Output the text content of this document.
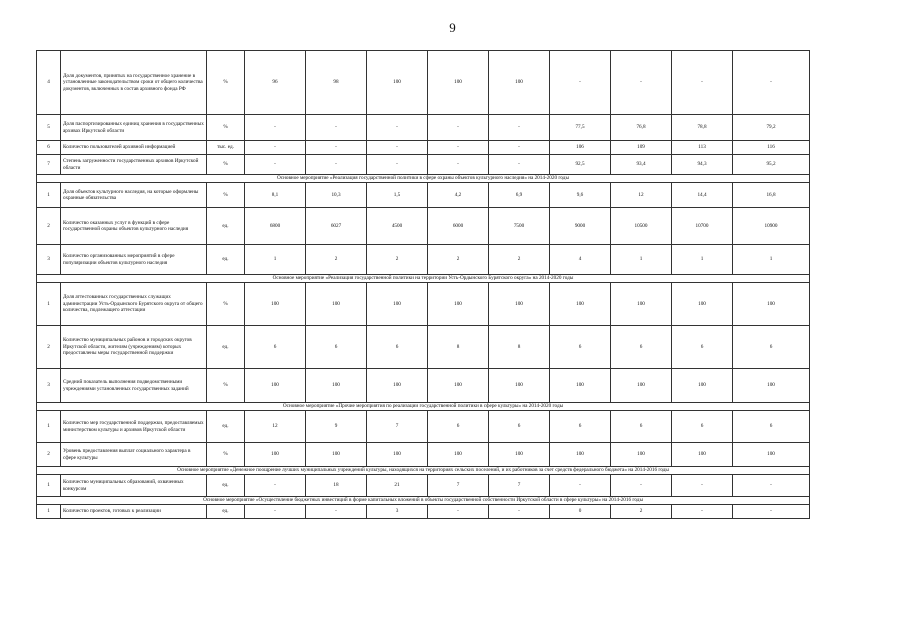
9
4	Доля документов, принятых на государственное хранение в установленные законодательством сроки от общего количества документов, включенных в состав архивного фонда РФ	%	96	98	100	100	100	-	-	-	-
5	Доля паспортизированных единиц хранения в государственных архивах Иркутской области	%	-	-	-	-	-	77,5	76,8	78,8	79,2
6	Количество пользователей архивной информацией	тыс. ед.	-	-	-	-	-	106	109	113	116
7	Степень загруженности государственных архивов Иркутской области	%	-	-	-	-	-	92,5	93,4	94,3	95,2
Основное мероприятие «Реализация государственной политики в сфере охраны объектов культурного наследия» на 2014-2020 годы											
1	Доля объектов культурного наследия, на которые оформлены охранные обязательства	%	8,1	10,3	1,5	4,2	6,9	9,6	12	14,4	16,8
2	Количество оказанных услуг в функций в сфере государственной охраны объектов культурного наследия	ед.	6800	6027	4500	6000	7500	9000	10500	10700	10900
3	Количество организованных мероприятий в сфере популяризации объектов культурного наследия	ед.	1	2	2	2	2	4	1	1	1
Основное мероприятие «Реализация государственной политики на территории Усть-Ордынского Бурятского округа» на 2014-2020 годы											
1	Доля аттестованных государственных служащих администрации Усть-Ордынского Бурятского округа от общего количества, подлежащего аттестации	%	100	100	100	100	100	100	100	100	100
2	Количество муниципальных районов и городских округов Иркутской области, жителям (учреждениям) которых предоставлены меры государственной поддержки	ед.	6	6	6	8	8	6	6	6	6
3	Средний показатель выполнения подведомственными учреждениями установленных государственных заданий	%	100	100	100	100	100	100	100	100	100
Основное мероприятие «Прочие мероприятия по реализации государственной политики в сфере культуры» на 2014-2020 годы											
1	Количество мер государственной поддержки, предоставляемых министерством культуры и архивов Иркутской области	ед.	12	9	7	6	6	6	6	6	6
2	Уровень предоставления выплат социального характера в сфере культуры	%	100	100	100	100	100	100	100	100	100
Основное мероприятие «Денежное поощрение лучших муниципальных учреждений культуры, находящихся на территориях сельских поселений, и их работников за счет средств федерального бюджета» на 2014-2016 годы											
1	Количество муниципальных образований, охваченных конкурсом	ед.	-	18	21	7	7	-	-	-	-
Основное мероприятие «Осуществление бюджетных инвестиций в форме капитальных вложений в объекты государственной собственности Иркутской области в сфере культуры» на 2014-2016 годы											
1	Количество проектов, готовых к реализации	ед.	-	-	3	-	-	0	2	-	-
